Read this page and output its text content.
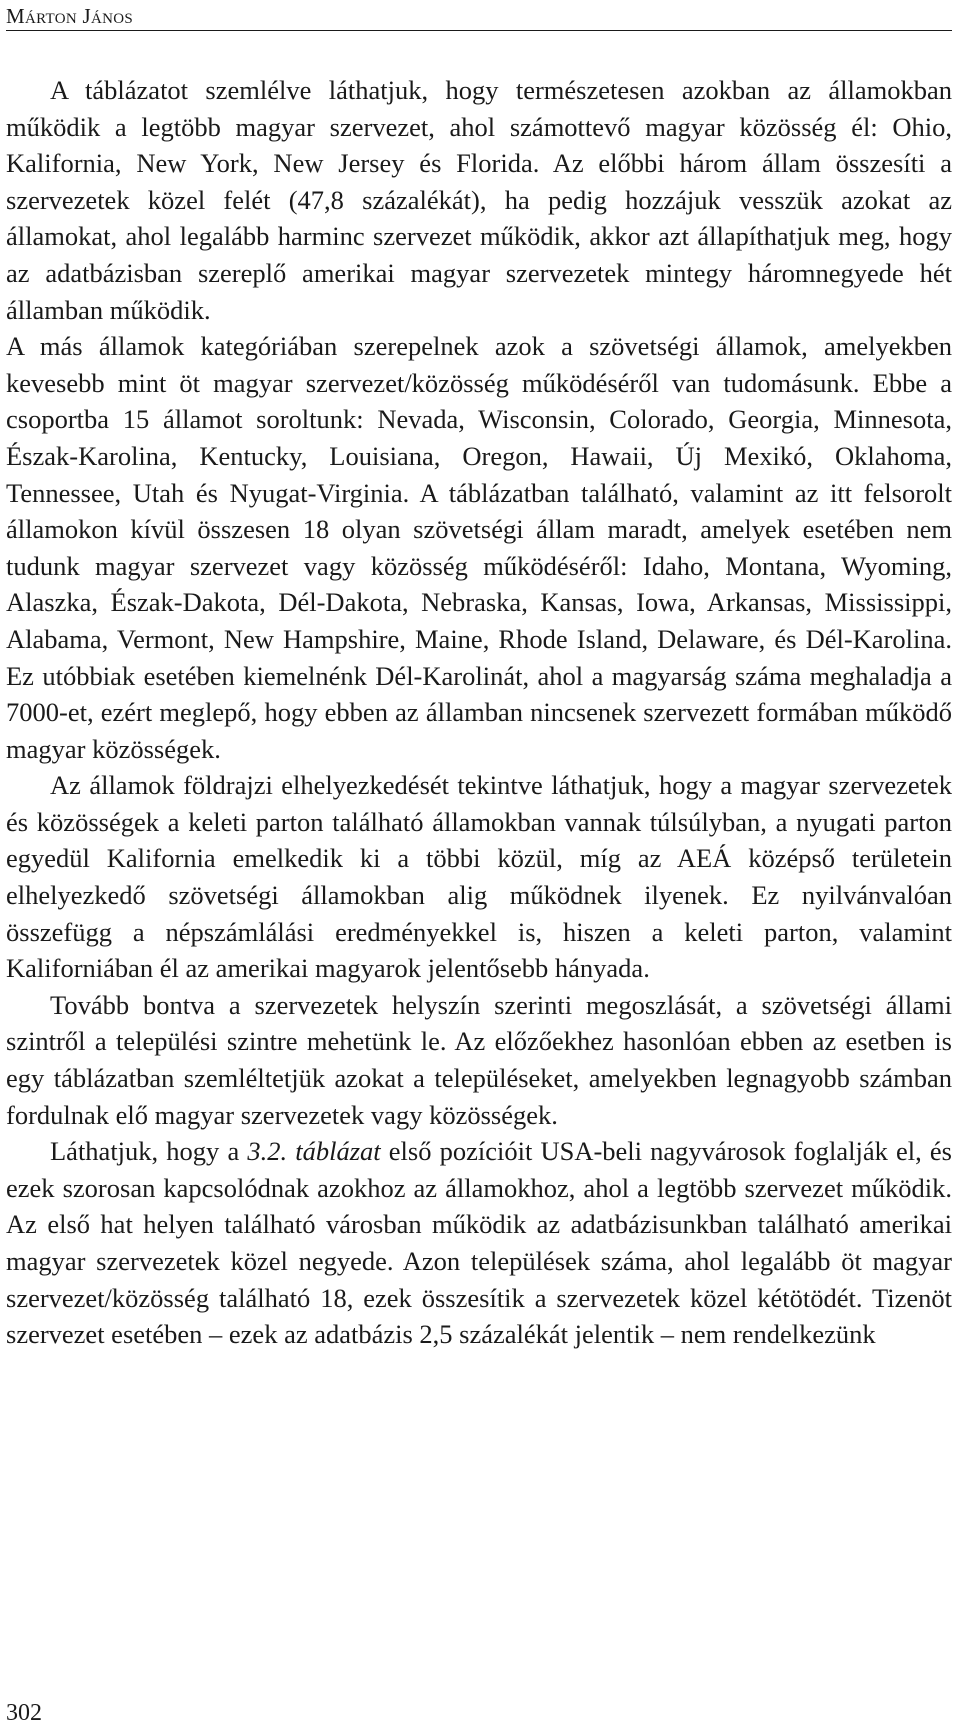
Márton János

A táblázatot szemlélve láthatjuk, hogy természetesen azokban az államokban működik a legtöbb magyar szervezet, ahol számottevő magyar közösség él: Ohio, Kalifornia, New York, New Jersey és Florida. Az előbbi három állam összesíti a szervezetek közel felét (47,8 százalékát), ha pedig hozzájuk vesszük azokat az államokat, ahol legalább harminc szervezet működik, akkor azt állapíthatjuk meg, hogy az adatbázisban szereplő amerikai magyar szervezetek mintegy háromnegyede hét államban működik.

A más államok kategóriában szerepelnek azok a szövetségi államok, amelyekben kevesebb mint öt magyar szervezet/közösség működéséről van tudomásunk. Ebbe a csoportba 15 államot soroltunk: Nevada, Wisconsin, Colorado, Georgia, Minnesota, Észak-Karolina, Kentucky, Louisiana, Oregon, Hawaii, Új Mexikó, Oklahoma, Tennessee, Utah és Nyugat-Virginia. A táblázatban található, valamint az itt felsorolt államokon kívül összesen 18 olyan szövetségi állam maradt, amelyek esetében nem tudunk magyar szervezet vagy közösség működéséről: Idaho, Montana, Wyoming, Alaszka, Észak-Dakota, Dél-Dakota, Nebraska, Kansas, Iowa, Arkansas, Mississippi, Alabama, Vermont, New Hampshire, Maine, Rhode Island, Delaware, és Dél-Karolina. Ez utóbbiak esetében kiemelnénk Dél-Karolinát, ahol a magyarság száma meghaladja a 7000-et, ezért meglepő, hogy ebben az államban nincsenek szervezett formában működő magyar közösségek.

Az államok földrajzi elhelyezkedését tekintve láthatjuk, hogy a magyar szervezetek és közösségek a keleti parton található államokban vannak túlsúlyban, a nyugati parton egyedül Kalifornia emelkedik ki a többi közül, míg az AEÁ középső területein elhelyezkedő szövetségi államokban alig működnek ilyenek. Ez nyilvánvalóan összefügg a népszámlálási eredményekkel is, hiszen a keleti parton, valamint Kaliforniában él az amerikai magyarok jelentősebb hányada.

Tovább bontva a szervezetek helyszín szerinti megoszlását, a szövetségi állami szintről a települési szintre mehetünk le. Az előzőekhez hasonlóan ebben az esetben is egy táblázatban szemléltetjük azokat a településeket, amelyekben legnagyobb számban fordulnak elő magyar szervezetek vagy közösségek.

Láthatjuk, hogy a 3.2. táblázat első pozícióit USA-beli nagyvárosok foglalják el, és ezek szorosan kapcsolódnak azokhoz az államokhoz, ahol a legtöbb szervezet működik. Az első hat helyen található városban működik az adatbázisunkban található amerikai magyar szervezetek közel negyede. Azon települések száma, ahol legalább öt magyar szervezet/közösség található 18, ezek összesítik a szervezetek közel kétötödét. Tizenöt szervezet esetében – ezek az adatbázis 2,5 százalékát jelentik – nem rendelkezünk

302
